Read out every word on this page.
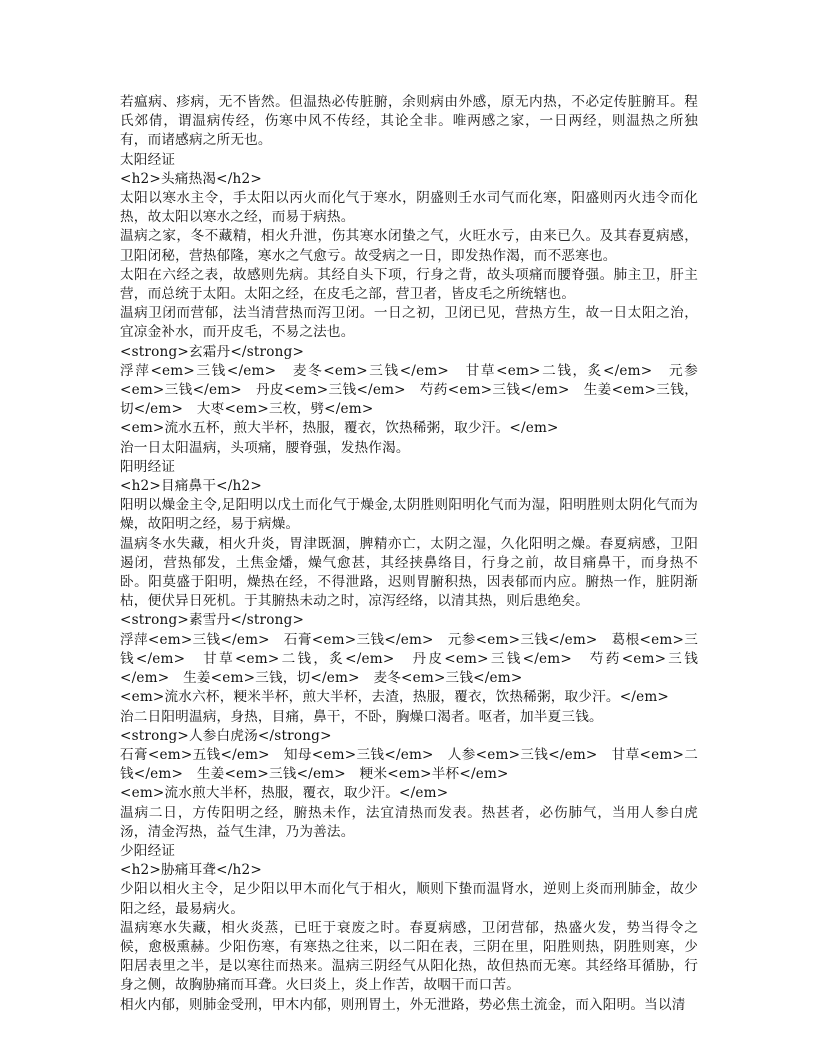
若瘟病、疹病，无不皆然。但温热必传脏腑，余则病由外感，原无内热，不必定传脏腑耳。程氏郊倩，谓温病传经，伤寒中风不传经，其论全非。唯两感之家，一日两经，则温热之所独有，而诸感病之所无也。

太阳经证
<h2>头痛热渴</h2>

太阳以寒水主令，手太阳以丙火而化气于寒水，阴盛则壬水司气而化寒，阳盛则丙火违令而化热，故太阳以寒水之经，而易于病热。

温病之家，冬不藏精，相火升泄，伤其寒水闭蛰之气，火旺水亏，由来已久。及其春夏病感，卫阳闭秘，营热郁隆，寒水之气愈亏。故受病之一日，即发热作渴，而不恶寒也。

太阳在六经之表，故感则先病。其经自头下项，行身之背，故头项痛而腰脊强。肺主卫，肝主营，而总统于太阳。太阳之经，在皮毛之部，营卫者，皆皮毛之所统辖也。

温病卫闭而营郁，法当清营热而泻卫闭。一日之初，卫闭已见，营热方生，故一日太阳之治，宜凉金补水，而开皮毛，不易之法也。

<strong>玄霜丹</strong>

浮萍<em>三钱</em>　麦冬<em>三钱</em>　甘草<em>二钱，炙</em>　元参<em>三钱</em>　丹皮<em>三钱</em>　芍药<em>三钱</em>　生姜<em>三钱，切</em>　大枣<em>三枚，劈</em>

<em>流水五杯，煎大半杯，热服，覆衣，饮热稀粥，取少汗。</em>

治一日太阳温病，头项痛，腰脊强，发热作渴。

阳明经证
<h2>目痛鼻干</h2>

阳明以燥金主令,足阳明以戊土而化气于燥金,太阴胜则阳明化气而为湿，阳明胜则太阴化气而为燥，故阳明之经，易于病燥。

温病冬水失藏，相火升炎，胃津既涸，脾精亦亡，太阴之湿，久化阳明之燥。春夏病感，卫阳遏闭，营热郁发，土焦金燔，燥气愈甚，其经挟鼻络目，行身之前，故目痛鼻干，而身热不卧。阳莫盛于阳明，燥热在经，不得泄路，迟则胃腑积热，因表郁而内应。腑热一作，脏阴渐枯，便伏异日死机。于其腑热未动之时，凉泻经络，以清其热，则后患绝矣。

<strong>素雪丹</strong>

浮萍<em>三钱</em>　石膏<em>三钱</em>　元参<em>三钱</em>　葛根<em>三钱</em>　甘草<em>二钱，炙</em>　丹皮<em>三钱</em>　芍药<em>三钱</em>　生姜<em>三钱，切</em>　麦冬<em>三钱</em>

<em>流水六杯，粳米半杯，煎大半杯，去渣，热服，覆衣，饮热稀粥，取少汗。</em>

治二日阳明温病，身热，目痛，鼻干，不卧，胸燥口渴者。呕者，加半夏三钱。

<strong>人参白虎汤</strong>

石膏<em>五钱</em>　知母<em>三钱</em>　人参<em>三钱</em>　甘草<em>二钱</em>　生姜<em>三钱</em>　粳米<em>半杯</em>

<em>流水煎大半杯，热服，覆衣，取少汗。</em>

温病二日，方传阳明之经，腑热未作，法宜清热而发表。热甚者，必伤肺气，当用人参白虎汤，清金泻热，益气生津，乃为善法。

少阳经证
<h2>胁痛耳聋</h2>

少阳以相火主令，足少阳以甲木而化气于相火，顺则下蛰而温肾水，逆则上炎而刑肺金，故少阳之经，最易病火。

温病寒水失藏，相火炎蒸，已旺于衰废之时。春夏病感，卫闭营郁，热盛火发，势当得令之候，愈极熏赫。少阳伤寒，有寒热之往来，以二阳在表，三阴在里，阳胜则热，阴胜则寒，少阳居表里之半，是以寒往而热来。温病三阴经气从阳化热，故但热而无寒。其经络耳循胁，行身之侧，故胸胁痛而耳聋。火曰炎上，炎上作苦，故咽干而口苦。

相火内郁，则肺金受刑，甲木内郁，则刑胃土，外无泄路，势必焦土流金，而入阳明。当以清
